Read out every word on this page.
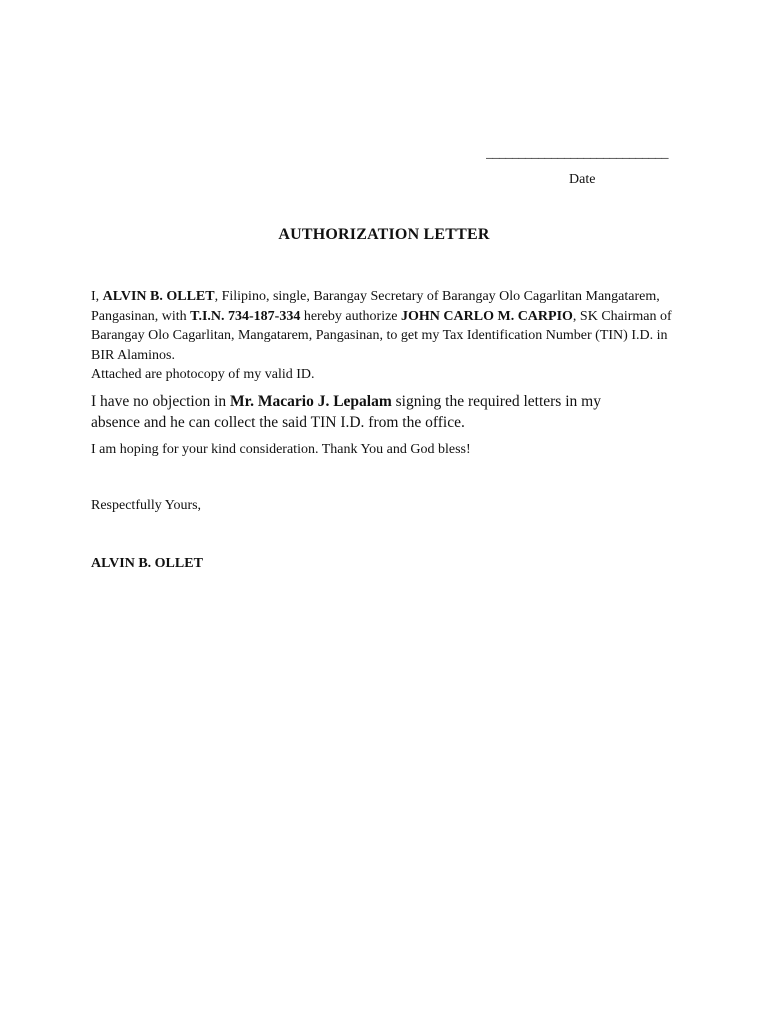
____________________________
Date
AUTHORIZATION LETTER

I, ALVIN B. OLLET, Filipino, single, Barangay Secretary of Barangay Olo Cagarlitan Mangatarem, Pangasinan, with T.I.N. 734-187-334 hereby authorize JOHN CARLO M. CARPIO, SK Chairman of Barangay Olo Cagarlitan, Mangatarem, Pangasinan, to get my Tax Identification Number (TIN) I.D. in BIR Alaminos.
Attached are photocopy of my valid ID.

I have no objection in Mr. Macario J. Lepalam signing the required letters in my absence and he can collect the said TIN I.D. from the office.

I am hoping for your kind consideration. Thank You and God bless!

Respectfully Yours,
ALVIN B. OLLET
